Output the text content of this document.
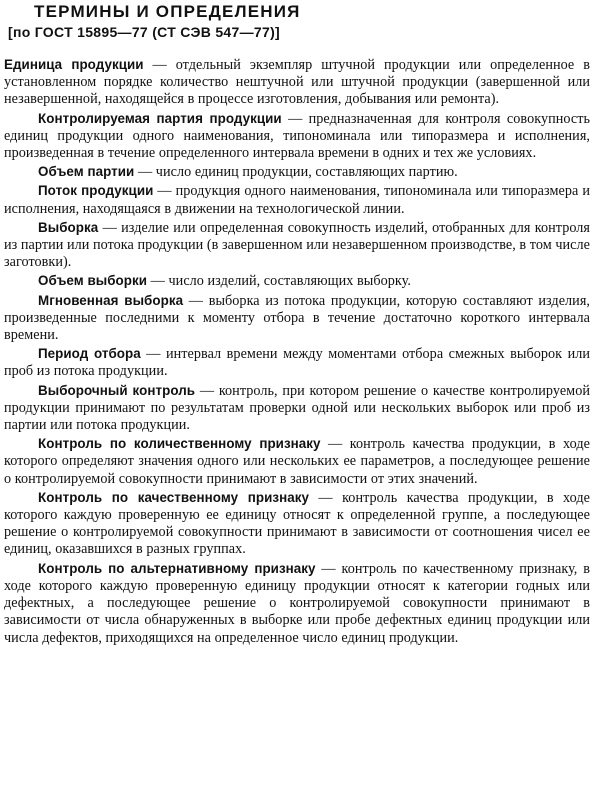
ТЕРМИНЫ И ОПРЕДЕЛЕНИЯ
[по ГОСТ 15895—77 (СТ СЭВ 547—77)]

Единица продукции — отдельный экземпляр штучной продукции или определенное в установленном порядке количество нештучной или штучной продукции (завершенной или незавершенной, находящейся в процессе изготовления, добывания или ремонта).

Контролируемая партия продукции — предназначенная для контроля совокупность единиц продукции одного наименования, типономинала или типоразмера и исполнения, произведенная в течение определенного интервала времени в одних и тех же условиях.

Объем партии — число единиц продукции, составляющих партию.

Поток продукции — продукция одного наименования, типономинала или типоразмера и исполнения, находящаяся в движении на технологической линии.

Выборка — изделие или определенная совокупность изделий, отобранных для контроля из партии или потока продукции (в завершенном или незавершенном производстве, в том числе заготовки).

Объем выборки — число изделий, составляющих выборку.

Мгновенная выборка — выборка из потока продукции, которую составляют изделия, произведенные последними к моменту отбора в течение достаточно короткого интервала времени.

Период отбора — интервал времени между моментами отбора смежных выборок или проб из потока продукции.

Выборочный контроль — контроль, при котором решение о качестве контролируемой продукции принимают по результатам проверки одной или нескольких выборок или проб из партии или потока продукции.

Контроль по количественному признаку — контроль качества продукции, в ходе которого определяют значения одного или нескольких ее параметров, а последующее решение о контролируемой совокупности принимают в зависимости от этих значений.

Контроль по качественному признаку — контроль качества продукции, в ходе которого каждую проверенную ее единицу относят к определенной группе, а последующее решение о контролируемой совокупности принимают в зависимости от соотношения чисел ее единиц, оказавшихся в разных группах.

Контроль по альтернативному признаку — контроль по качественному признаку, в ходе которого каждую проверенную единицу продукции относят к категории годных или дефектных, а последующее решение о контролируемой совокупности принимают в зависимости от числа обнаруженных в выборке или пробе дефектных единиц продукции или числа дефектов, приходящихся на определенное число единиц продукции.
